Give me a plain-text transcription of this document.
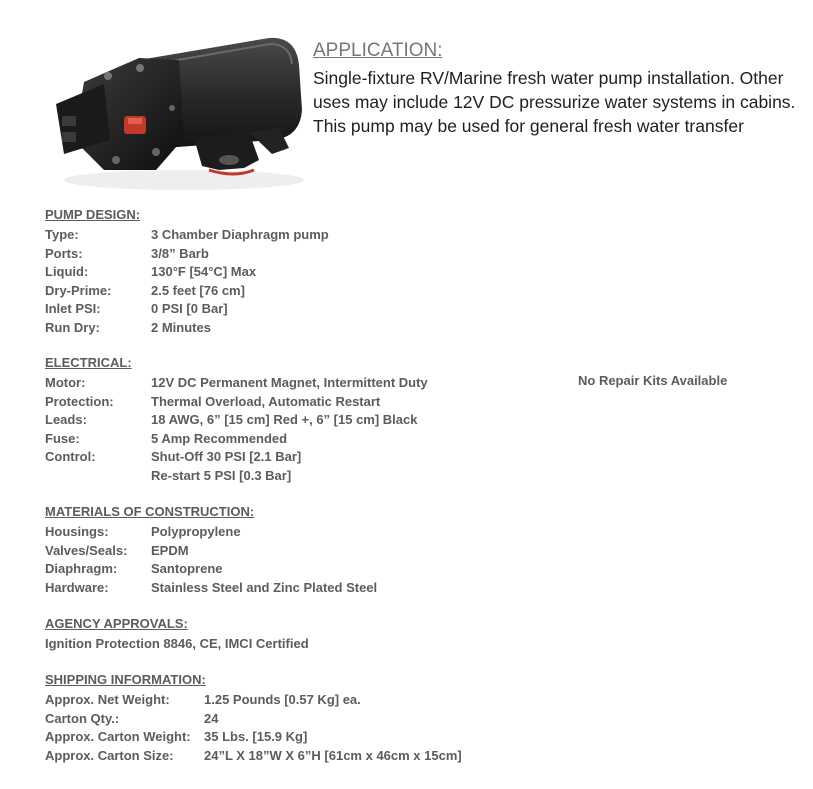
APPLICATION:
Single-fixture RV/Marine fresh water pump installation. Other
uses may include 12V DC pressurize water systems in cabins.
This pump may be used for general fresh water transfer
PUMP DESIGN:
Type:	3 Chamber Diaphragm pump
Ports:	3/8” Barb
Liquid:	130°F [54°C] Max
Dry-Prime:	2.5 feet [76 cm]
Inlet PSI:	0 PSI [0 Bar]
Run Dry:	2 Minutes
ELECTRICAL:
Motor:	12V DC Permanent Magnet, Intermittent Duty
Protection:	Thermal Overload, Automatic Restart
Leads:	18 AWG, 6” [15 cm] Red +, 6” [15 cm] Black
Fuse:	5 Amp Recommended
Control:	Shut-Off 30 PSI [2.1 Bar]
Re-start 5 PSI [0.3 Bar]
No Repair Kits Available
MATERIALS OF CONSTRUCTION:
Housings:	Polypropylene
Valves/Seals:	EPDM
Diaphragm:	Santoprene
Hardware:	Stainless Steel and Zinc Plated Steel
AGENCY APPROVALS:
Ignition Protection 8846, CE, IMCI Certified
SHIPPING INFORMATION:
Approx. Net Weight:	1.25 Pounds [0.57 Kg] ea.
Carton Qty.:	24
Approx. Carton Weight:	35 Lbs. [15.9 Kg]
Approx. Carton Size:	24”L X 18”W X 6”H [61cm x 46cm x 15cm]
